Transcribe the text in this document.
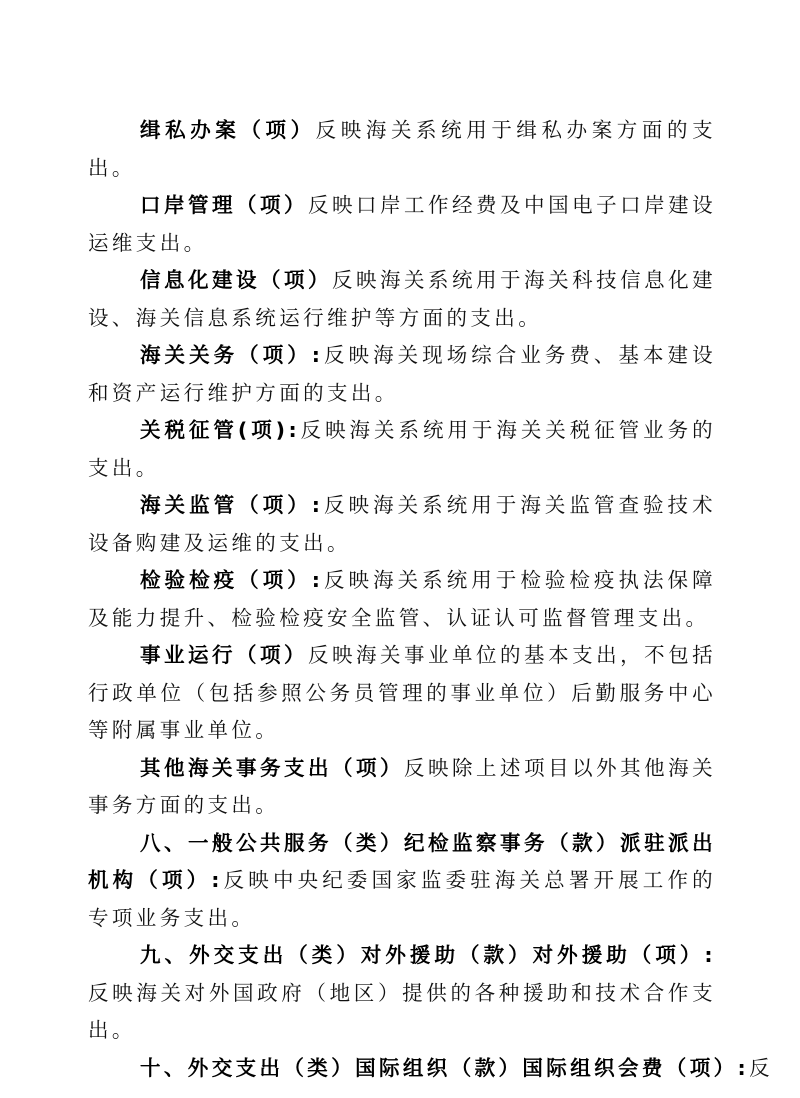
缉私办案（项）反映海关系统用于缉私办案方面的支出。

口岸管理（项）反映口岸工作经费及中国电子口岸建设运维支出。

信息化建设（项）反映海关系统用于海关科技信息化建设、海关信息系统运行维护等方面的支出。

海关关务（项）:反映海关现场综合业务费、基本建设和资产运行维护方面的支出。

关税征管(项):反映海关系统用于海关关税征管业务的支出。

海关监管（项）:反映海关系统用于海关监管查验技术设备购建及运维的支出。

检验检疫（项）:反映海关系统用于检验检疫执法保障及能力提升、检验检疫安全监管、认证认可监督管理支出。

事业运行（项）反映海关事业单位的基本支出，不包括行政单位（包括参照公务员管理的事业单位）后勤服务中心等附属事业单位。

其他海关事务支出（项）反映除上述项目以外其他海关事务方面的支出。

八、一般公共服务（类）纪检监察事务（款）派驻派出机构（项）:反映中央纪委国家监委驻海关总署开展工作的专项业务支出。

九、外交支出（类）对外援助（款）对外援助（项）:反映海关对外国政府（地区）提供的各种援助和技术合作支出。

十、外交支出（类）国际组织（款）国际组织会费（项）:反
